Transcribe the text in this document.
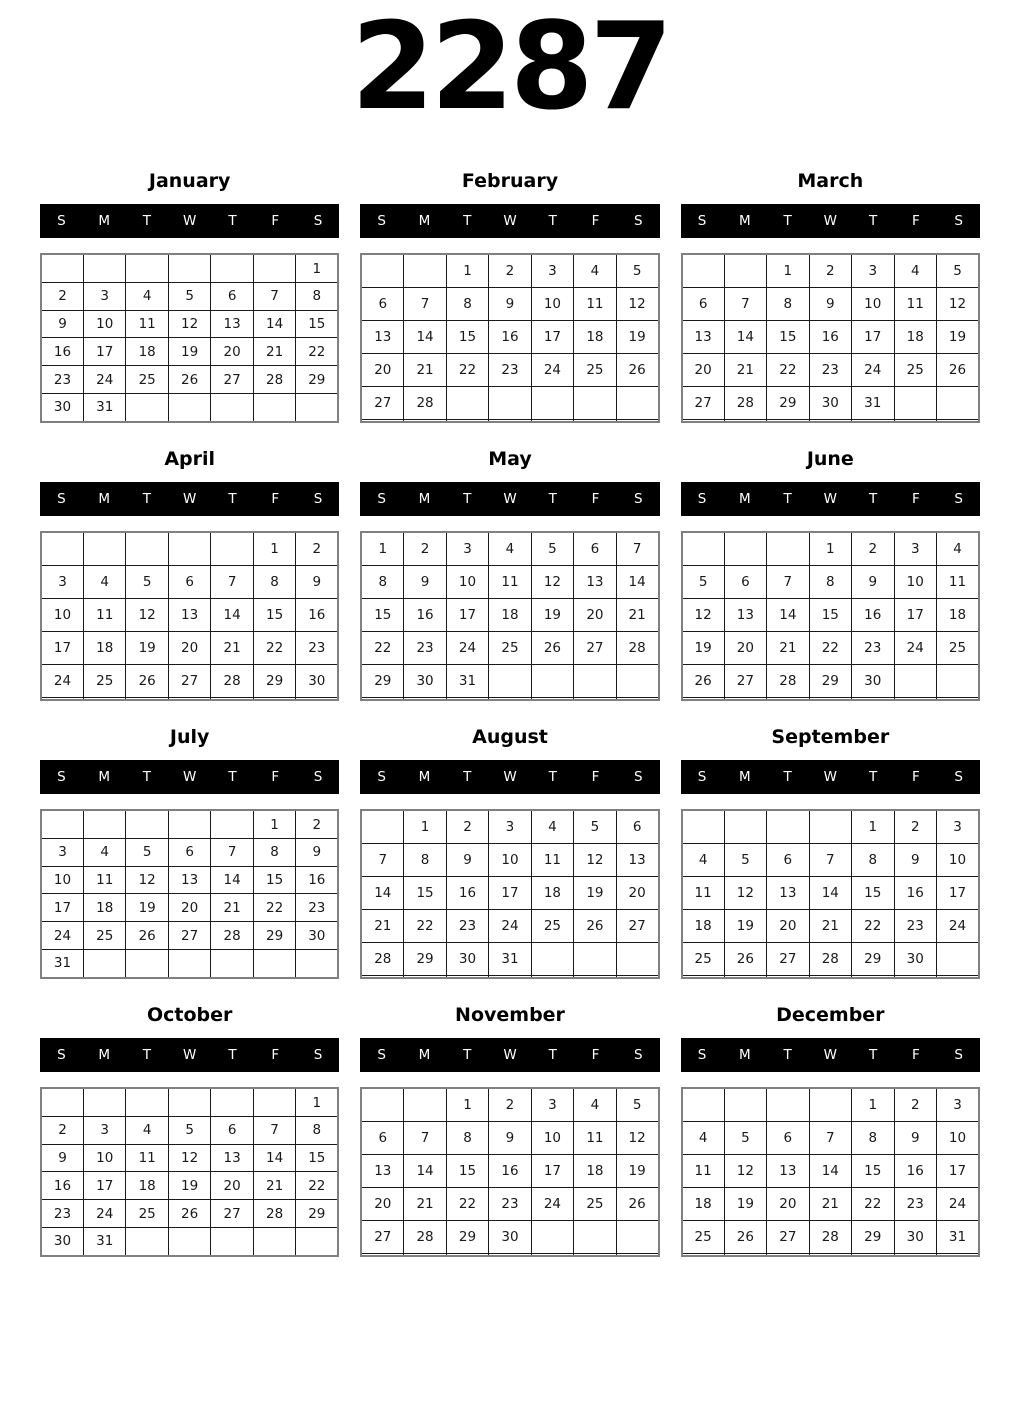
2287
January
S	M	T	W	T	F	S
						1
2	3	4	5	6	7	8
9	10	11	12	13	14	15
16	17	18	19	20	21	22
23	24	25	26	27	28	29
30	31					
February
S	M	T	W	T	F	S
		1	2	3	4	5
6	7	8	9	10	11	12
13	14	15	16	17	18	19
20	21	22	23	24	25	26
27	28					

March
S	M	T	W	T	F	S
		1	2	3	4	5
6	7	8	9	10	11	12
13	14	15	16	17	18	19
20	21	22	23	24	25	26
27	28	29	30	31		

April
S	M	T	W	T	F	S
					1	2
3	4	5	6	7	8	9
10	11	12	13	14	15	16
17	18	19	20	21	22	23
24	25	26	27	28	29	30

May
S	M	T	W	T	F	S
1	2	3	4	5	6	7
8	9	10	11	12	13	14
15	16	17	18	19	20	21
22	23	24	25	26	27	28
29	30	31				

June
S	M	T	W	T	F	S
			1	2	3	4
5	6	7	8	9	10	11
12	13	14	15	16	17	18
19	20	21	22	23	24	25
26	27	28	29	30		

July
S	M	T	W	T	F	S
					1	2
3	4	5	6	7	8	9
10	11	12	13	14	15	16
17	18	19	20	21	22	23
24	25	26	27	28	29	30
31						
August
S	M	T	W	T	F	S
	1	2	3	4	5	6
7	8	9	10	11	12	13
14	15	16	17	18	19	20
21	22	23	24	25	26	27
28	29	30	31			

September
S	M	T	W	T	F	S
				1	2	3
4	5	6	7	8	9	10
11	12	13	14	15	16	17
18	19	20	21	22	23	24
25	26	27	28	29	30	

October
S	M	T	W	T	F	S
						1
2	3	4	5	6	7	8
9	10	11	12	13	14	15
16	17	18	19	20	21	22
23	24	25	26	27	28	29
30	31					
November
S	M	T	W	T	F	S
		1	2	3	4	5
6	7	8	9	10	11	12
13	14	15	16	17	18	19
20	21	22	23	24	25	26
27	28	29	30			

December
S	M	T	W	T	F	S
				1	2	3
4	5	6	7	8	9	10
11	12	13	14	15	16	17
18	19	20	21	22	23	24
25	26	27	28	29	30	31
